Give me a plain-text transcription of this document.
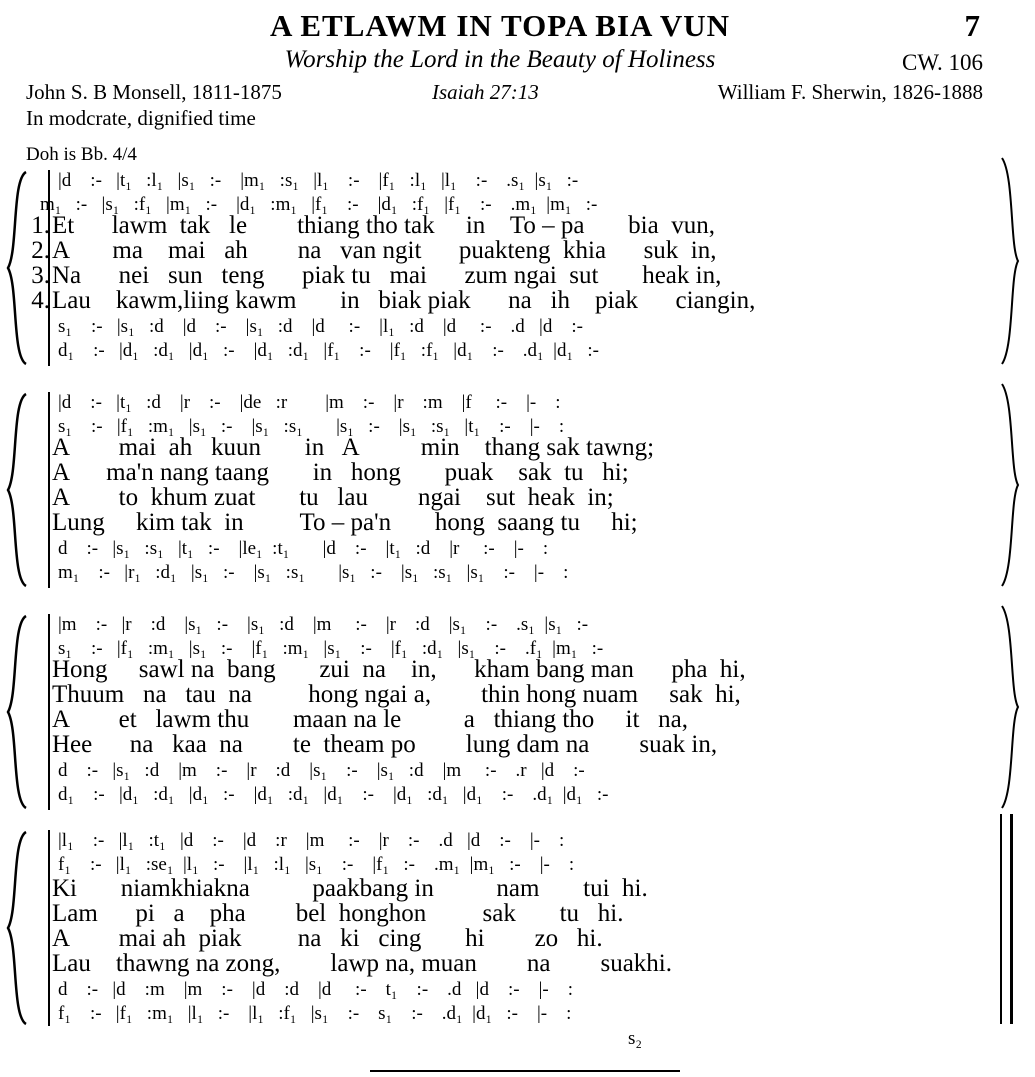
A ETLAWM IN TOPA BIA VUN	7
Worship the Lord in the Beauty of Holiness	CW. 106
John S. B Monsell, 1811-1875	Isaiah 27:13	William F. Sherwin, 1826-1888
In modcrate, dignified time
Doh is Bb. 4/4
|d    :-   |t₁   :l₁   |s₁   :-    |m₁   :s₁   |l₁    :-    |f₁   :l₁   |l₁    :-    .s₁  |s₁   :-
m₁   :-   |s₁   :f₁   |m₁   :-    |d₁   :m₁   |f₁    :-    |d₁   :f₁   |f₁    :-    .m₁  |m₁   :-
1. Et      lawm  tak   le        thiang tho tak     in    To – pa       bia  vun,
2. A       ma    mai   ah        na   van ngit      puakteng  khia      suk  in,
3. Na      nei   sun   teng      piak tu   mai      zum ngai  sut       heak in,
4. Lau    kawm,liing kawm       in   biak piak      na   ih    piak      ciangin,
s₁    :-   |s₁   :d    |d    :-    |s₁   :d    |d     :-    |l₁   :d    |d     :-    .d   |d    :-
d₁    :-   |d₁   :d₁   |d₁   :-    |d₁   :d₁   |f₁    :-    |f₁   :f₁   |d₁    :-    .d₁  |d₁   :-
|d    :-   |t₁   :d    |r    :-    |de   :r        |m    :-    |r    :m    |f     :-    |-    :
s₁    :-   |f₁   :m₁   |s₁   :-    |s₁   :s₁       |s₁   :-    |s₁   :s₁   |t₁    :-    |-    :
A        mai  ah   kuun       in   A          min    thang sak tawng;
A      ma'n nang taang       in   hong       puak    sak  tu   hi;
A        to  khum zuat       tu   lau        ngai    sut  heak  in;
Lung     kim tak  in         To – pa'n       hong  saang tu     hi;
d    :-   |s₁   :s₁   |t₁   :-    |le₁  :t₁       |d    :-    |t₁   :d    |r     :-    |-    :
m₁    :-   |r₁   :d₁   |s₁   :-    |s₁   :s₁       |s₁   :-    |s₁   :s₁   |s₁    :-    |-    :
|m    :-   |r    :d    |s₁   :-    |s₁   :d    |m     :-    |r    :d    |s₁    :-    .s₁  |s₁   :-
s₁    :-   |f₁   :m₁   |s₁   :-    |f₁   :m₁   |s₁    :-    |f₁   :d₁   |s₁    :-    .f₁  |m₁   :-
Hong     sawl na  bang       zui  na    in,      kham bang man      pha  hi,
Thuum   na   tau  na         hong ngai a,        thin hong nuam     sak  hi,
A        et   lawm thu       maan na le          a   thiang tho     it   na,
Hee      na   kaa  na        te  theam po        lung dam na        suak in,
d    :-   |s₁   :d    |m    :-    |r    :d    |s₁    :-    |s₁   :d    |m     :-    .r   |d    :-
d₁    :-   |d₁   :d₁   |d₁   :-    |d₁   :d₁   |d₁    :-    |d₁   :d₁   |d₁    :-    .d₁  |d₁   :-
|l₁    :-   |l₁   :t₁   |d    :-    |d    :r    |m     :-    |r    :-    .d   |d    :-    |-    :
f₁    :-   |l₁   :se₁  |l₁   :-    |l₁   :l₁   |s₁    :-    |f₁   :-    .m₁  |m₁   :-    |-    :
Ki       niamkhiakna          paakbang in          nam       tui  hi.
Lam      pi   a    pha        bel  honghon         sak       tu   hi.
A        mai ah  piak         na   ki   cing       hi        zo   hi.
Lau    thawng na zong,        lawp na, muan        na        suakhi.
d    :-   |d    :m    |m    :-    |d    :d    |d     :-    t₁    :-    .d   |d    :-    |-    :
f₁    :-   |f₁   :m₁   |l₁   :-    |l₁   :f₁   |s₁    :-    s₁    :-    .d₁  |d₁   :-    |-    :
s₂
